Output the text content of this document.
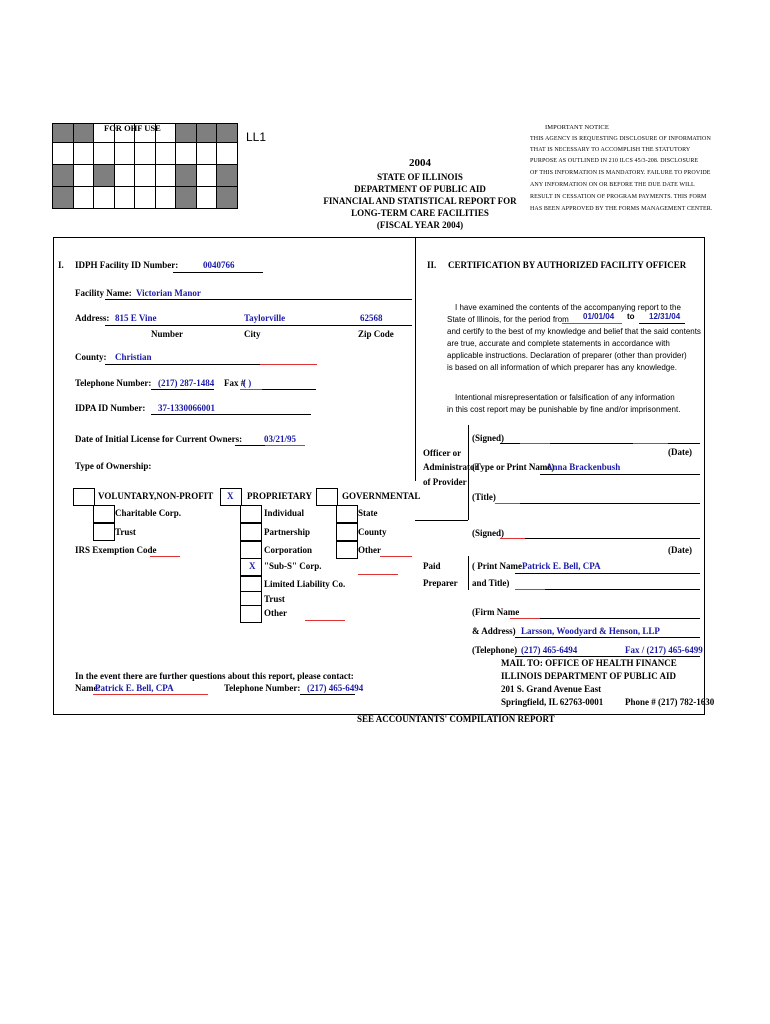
FOR OHF USE
LL1
2004
STATE OF ILLINOIS
DEPARTMENT OF PUBLIC AID
FINANCIAL AND STATISTICAL REPORT FOR
LONG-TERM CARE FACILITIES
(FISCAL YEAR 2004)
IMPORTANT NOTICE
THIS AGENCY IS REQUESTING DISCLOSURE OF INFORMATION
THAT IS NECESSARY TO ACCOMPLISH THE STATUTORY
PURPOSE AS OUTLINED IN 210 ILCS 45/3-208. DISCLOSURE
OF THIS INFORMATION IS MANDATORY. FAILURE TO PROVIDE
ANY INFORMATION ON OR BEFORE THE DUE DATE WILL
RESULT IN CESSATION OF PROGRAM PAYMENTS. THIS FORM
HAS BEEN APPROVED BY THE FORMS MANAGEMENT CENTER.
I. IDPH Facility ID Number:	0040766
Facility Name: Victorian Manor
Address: 815 E Vine	Taylorville	62568
Number	City	Zip Code
County: Christian
Telephone Number: (217) 287-1484 Fax #
( )
IDPA ID Number: 37-1330066001
Date of Initial License for Current Owners: 03/21/95
Type of Ownership:
VOLUNTARY,NON-PROFIT
Charitable Corp.
Trust
IRS Exemption Code
X PROPRIETARY
Individual
Partnership
Corporation
X "Sub-S" Corp.
Limited Liability Co.
Trust
Other
GOVERNMENTAL
State
County
Other
In the event there are further questions about this report, please contact:
Name:
Patrick E. Bell, CPA	Telephone Number: (217) 465-6494
II. CERTIFICATION BY AUTHORIZED FACILITY OFFICER
I have examined the contents of the accompanying report to the
State of Illinois, for the period from 01/01/04 to 12/31/04
and certify to the best of my knowledge and belief that the said contents
are true, accurate and complete statements in accordance with
applicable instructions. Declaration of preparer (other than provider)
is based on all information of which preparer has any knowledge.
Intentional misrepresentation or falsification of any information
in this cost report may be punishable by fine and/or imprisonment.
Officer or
Administrator
of Provider
(Signed)
(Date)
(Type or Print Name)
Anna Brackenbush
(Title)
(Signed)
(Date)
Paid
Preparer
( Print Name Patrick E. Bell, CPA
and Title)
(Firm Name
& Address) Larsson, Woodyard & Henson, LLP
(Telephone) (217) 465-6494	Fax / (217) 465-6499
MAIL TO: OFFICE OF HEALTH FINANCE
ILLINOIS DEPARTMENT OF PUBLIC AID
201 S. Grand Avenue East
Springfield, IL 62763-0001 Phone # (217) 782-1630
SEE ACCOUNTANTS' COMPILATION REPORT
